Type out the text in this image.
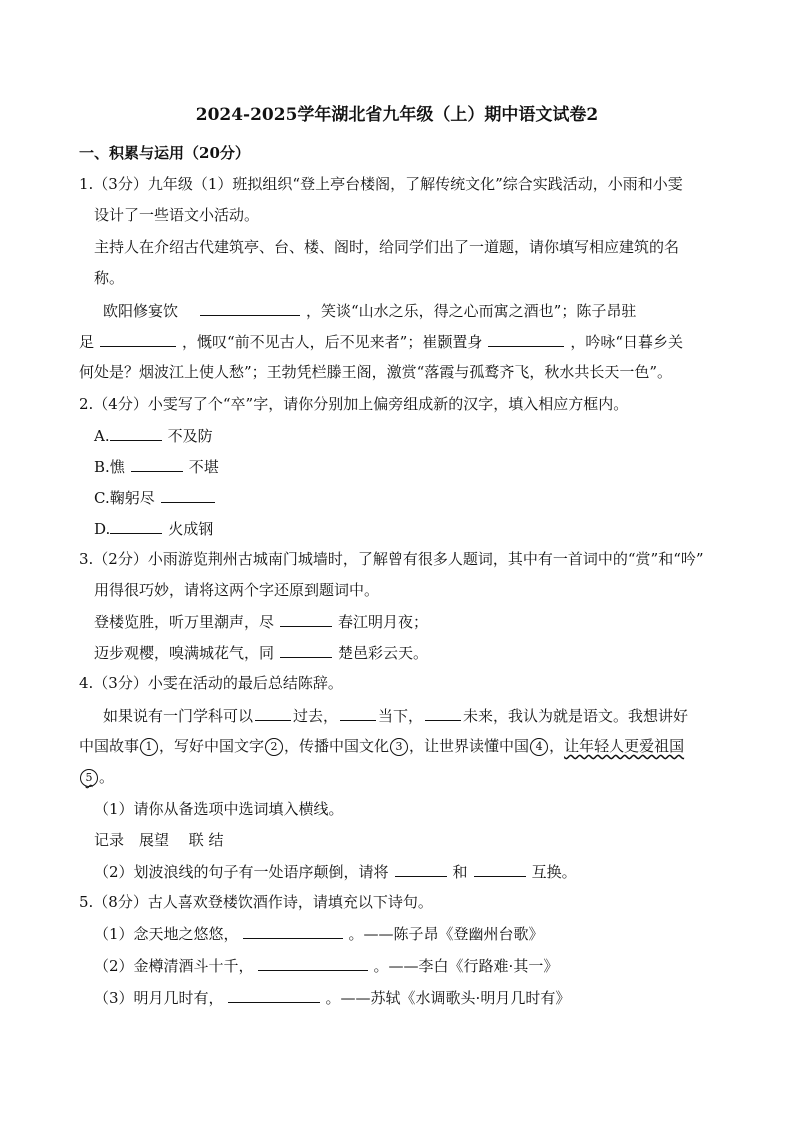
2024-2025学年湖北省九年级（上）期中语文试卷2
一、积累与运用（20分）
1.（3分）九年级（1）班拟组织“登上亭台楼阁，了解传统文化”综合实践活动，小雨和小雯
设计了一些语文小活动。
主持人在介绍古代建筑亭、台、楼、阁时，给同学们出了一道题，请你填写相应建筑的名
称。
欧阳修宴饮	，笑谈“山水之乐，得之心而寓之酒也”；陈子昂驻
足	，慨叹“前不见古人，后不见来者”；崔颢置身	，吟咏“日暮乡关
何处是？烟波江上使人愁”；王勃凭栏滕王阁，激赏“落霞与孤鹜齐飞，秋水共长天一色”。
2.（4分）小雯写了个“卒”字，请你分别加上偏旁组成新的汉字，填入相应方框内。
A.	不及防
B.憔	不堪
C.鞠躬尽
D.	火成钢
3.（2分）小雨游览荆州古城南门城墙时，了解曾有很多人题词，其中有一首词中的“赏”和“吟”
用得很巧妙，请将这两个字还原到题词中。
登楼览胜，听万里潮声，尽	春江明月夜；
迈步观樱，嗅满城花气，同	楚邑彩云天。
4.（3分）小雯在活动的最后总结陈辞。
如果说有一门学科可以	过去，	当下，	未来，我认为就是语文。我想讲好
中国故事 1 ，写好中国文字 2 ，传播中国文化 3 ，让世界读懂中国 4 ，让年轻人更爱祖国
5 。
（1）请你从备选项中选词填入横线。
记录　展望　 联 结
（2）划波浪线的句子有一处语序颠倒，请将	和	互换。
5.（8分）古人喜欢登楼饮酒作诗，请填充以下诗句。
（1）念天地之悠悠，	。——陈子昂《登幽州台歌》
（2）金樽清酒斗十千，	。——李白《行路难·其一》
（3）明月几时有，	。——苏轼《水调歌头·明月几时有》
